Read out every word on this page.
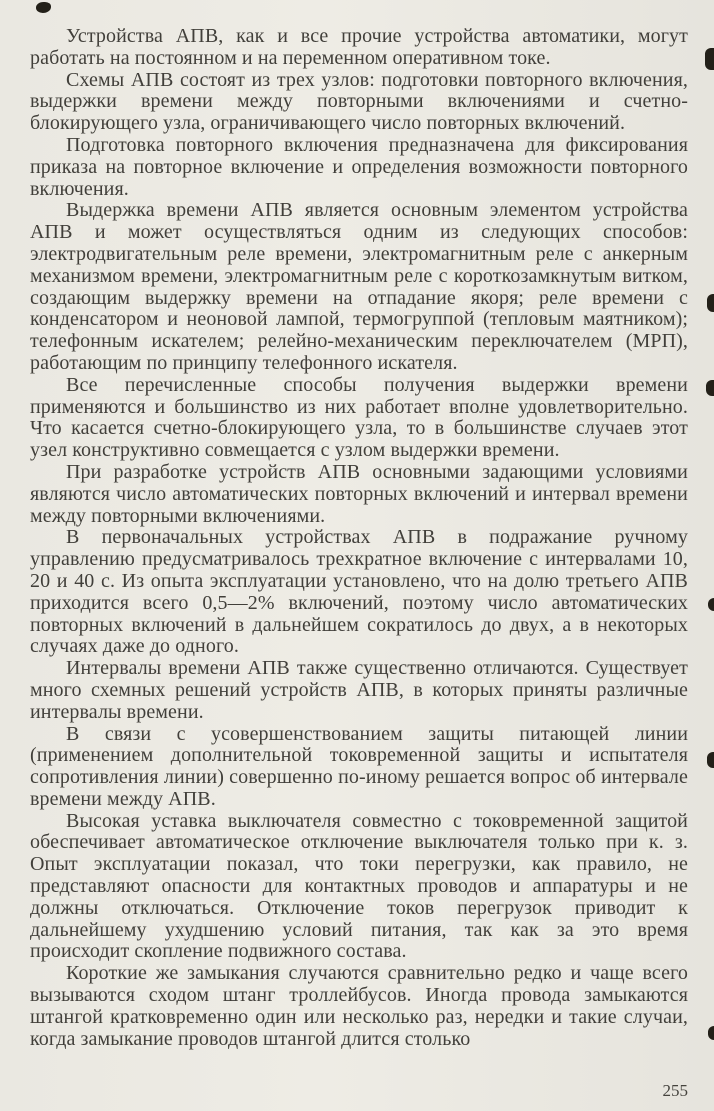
Устройства АПВ, как и все прочие устройства автоматики, могут работать на постоянном и на переменном оперативном токе.

Схемы АПВ состоят из трех узлов: подготовки повторного включения, выдержки времени между повторными включениями и счетно-блокирующего узла, ограничивающего число повторных включений.

Подготовка повторного включения предназначена для фиксирования приказа на повторное включение и определения возможности повторного включения.

Выдержка времени АПВ является основным элементом устройства АПВ и может осуществляться одним из следующих способов: электродвигательным реле времени, электромагнитным реле с анкерным механизмом времени, электромагнитным реле с короткозамкнутым витком, создающим выдержку времени на отпадание якоря; реле времени с конденсатором и неоновой лампой, термогруппой (тепловым маятником); телефонным искателем; релейно-механическим переключателем (МРП), работающим по принципу телефонного искателя.

Все перечисленные способы получения выдержки времени применяются и большинство из них работает вполне удовлетворительно. Что касается счетно-блокирующего узла, то в большинстве случаев этот узел конструктивно совмещается с узлом выдержки времени.

При разработке устройств АПВ основными задающими условиями являются число автоматических повторных включений и интервал времени между повторными включениями.

В первоначальных устройствах АПВ в подражание ручному управлению предусматривалось трехкратное включение с интервалами 10, 20 и 40 с. Из опыта эксплуатации установлено, что на долю третьего АПВ приходится всего 0,5—2% включений, поэтому число автоматических повторных включений в дальнейшем сократилось до двух, а в некоторых случаях даже до одного.

Интервалы времени АПВ также существенно отличаются. Существует много схемных решений устройств АПВ, в которых приняты различные интервалы времени.

В связи с усовершенствованием защиты питающей линии (применением дополнительной токовременной защиты и испытателя сопротивления линии) совершенно по-иному решается вопрос об интервале времени между АПВ.

Высокая уставка выключателя совместно с токовременной защитой обеспечивает автоматическое отключение выключателя только при к. з. Опыт эксплуатации показал, что токи перегрузки, как правило, не представляют опасности для контактных проводов и аппаратуры и не должны отключаться. Отключение токов перегрузок приводит к дальнейшему ухудшению условий питания, так как за это время происходит скопление подвижного состава.

Короткие же замыкания случаются сравнительно редко и чаще всего вызываются сходом штанг троллейбусов. Иногда провода замыкаются штангой кратковременно один или несколько раз, нередки и такие случаи, когда замыкание проводов штангой длится столько

255
